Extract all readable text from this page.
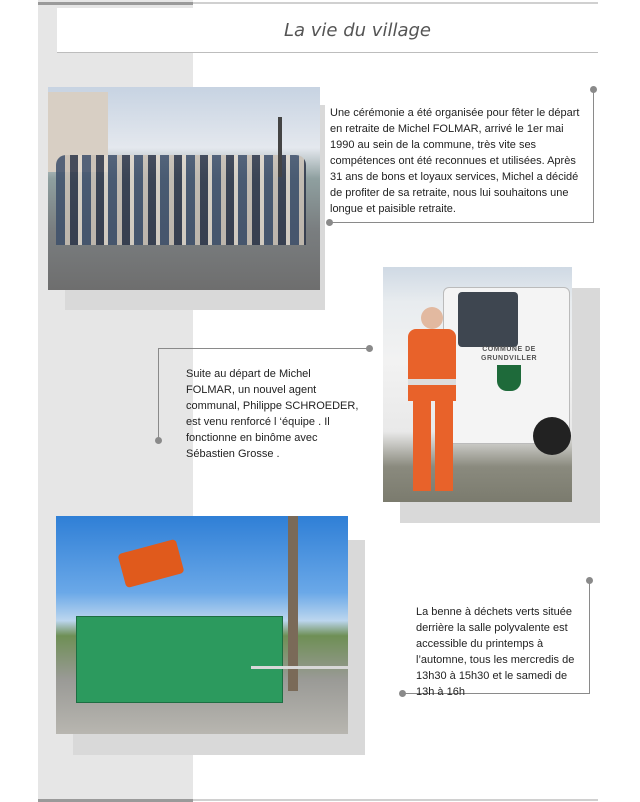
La vie du village
Une cérémonie a été organisée pour fêter le départ en retraite de Michel FOLMAR, arrivé le 1er mai 1990 au sein de la commune, très vite ses compétences ont été reconnues et utilisées. Après 31 ans de bons et loyaux services, Michel a décidé de profiter de sa retraite, nous lui souhaitons une longue et paisible retraite.
COMMUNE DE GRUNDVILLER
Suite au départ de Michel FOLMAR, un nouvel agent communal, Philippe SCHROEDER, est venu renforcé l ‘équipe . Il fonctionne en binôme avec Sébastien Grosse .
La benne à déchets verts située derrière la salle polyvalente est accessible du printemps à l’automne, tous les mercredis de 13h30 à 15h30 et le samedi de 13h à 16h
